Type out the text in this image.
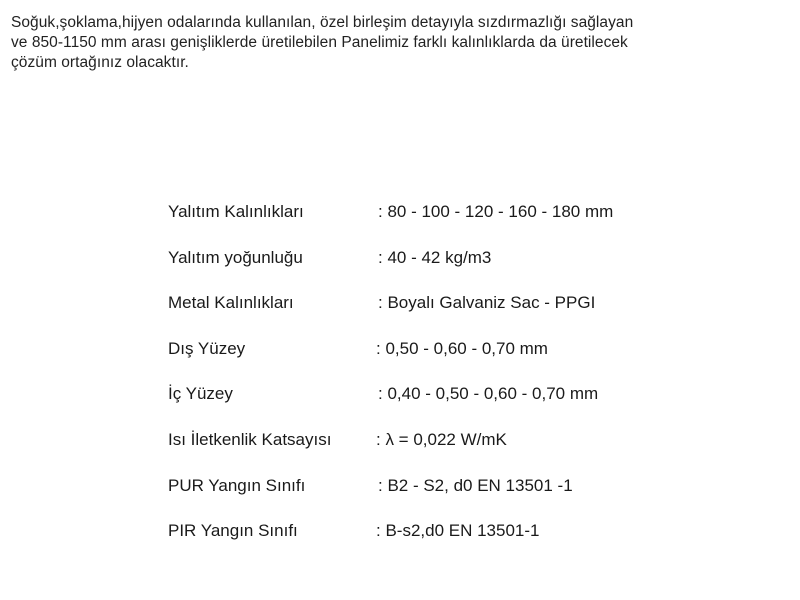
Soğuk,şoklama,hijyen odalarında kullanılan, özel birleşim detayıyla sızdırmazlığı sağlayan
ve 850-1150 mm arası genişliklerde üretilebilen Panelimiz farklı kalınlıklarda da üretilecek
çözüm ortağınız olacaktır.
Yalıtım Kalınlıkları	: 80 - 100 - 120 - 160 - 180 mm
Yalıtım yoğunluğu	: 40 - 42 kg/m3
Metal Kalınlıkları	: Boyalı Galvaniz Sac - PPGI
Dış Yüzey	: 0,50 - 0,60 - 0,70 mm
İç Yüzey	: 0,40 - 0,50 - 0,60 - 0,70 mm
Isı İletkenlik Katsayısı	: λ = 0,022 W/mK
PUR Yangın Sınıfı	: B2 - S2, d0 EN 13501 -1
PIR Yangın Sınıfı	: B-s2,d0 EN 13501-1
